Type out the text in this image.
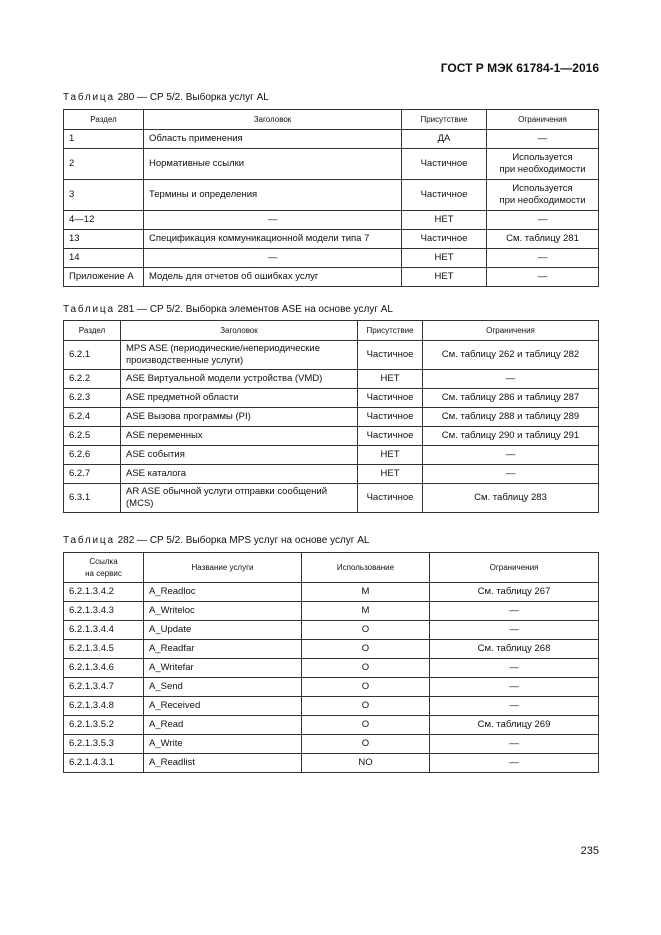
ГОСТ Р МЭК 61784-1—2016
Таблица 280 — CP 5/2. Выборка услуг AL
Раздел	Заголовок	Присутствие	Ограничения
1	Область применения	ДА	—
2	Нормативные ссылки	Частичное	Используется
при необходимости
3	Термины и определения	Частичное	Используется
при необходимости
4—12	—	НЕТ	—
13	Спецификация коммуникационной модели типа 7	Частичное	См. таблицу 281
14	—	НЕТ	—
Приложение А	Модель для отчетов об ошибках услуг	НЕТ	—
Таблица 281 — CP 5/2. Выборка элементов ASE на основе услуг AL
Раздел	Заголовок	Присутствие	Ограничения
6.2.1	MPS ASE (периодические/непериодические производственные услуги)	Частичное	См. таблицу 262 и таблицу 282
6.2.2	ASE Виртуальной модели устройства (VMD)	НЕТ	—
6.2.3	ASE предметной области	Частичное	См. таблицу 286 и таблицу 287
6.2.4	ASE Вызова программы (PI)	Частичное	См. таблицу 288 и таблицу 289
6.2.5	ASE переменных	Частичное	См. таблицу 290 и таблицу 291
6.2.6	ASE события	НЕТ	—
6.2.7	ASE каталога	НЕТ	—
6.3.1	AR ASE обычной услуги отправки сообщений (MCS)	Частичное	См. таблицу 283
Таблица 282 — CP 5/2. Выборка MPS услуг на основе услуг AL
Ссылка
на сервис	Название услуги	Использование	Ограничения
6.2.1.3.4.2	A_Readloc	M	См. таблицу 267
6.2.1.3.4.3	A_Writeloc	M	—
6.2.1.3.4.4	A_Update	O	—
6.2.1.3.4.5	A_Readfar	O	См. таблицу 268
6.2.1.3.4.6	A_Writefar	O	—
6.2.1.3.4.7	A_Send	O	—
6.2.1.3.4.8	A_Received	O	—
6.2.1.3.5.2	A_Read	O	См. таблицу 269
6.2.1.3.5.3	A_Write	O	—
6.2.1.4.3.1	A_Readlist	NO	—
235
